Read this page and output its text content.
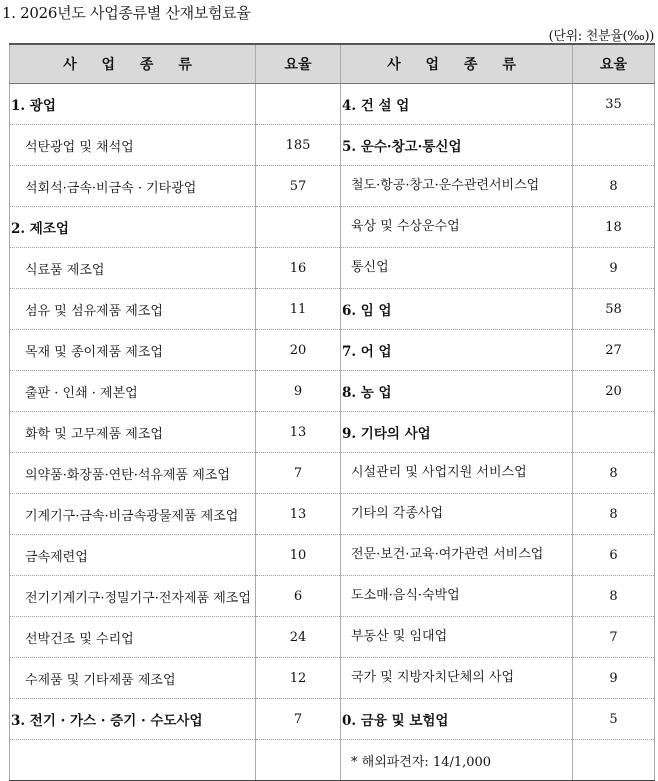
1. 2026년도 사업종류별 산재보험료율
(단위: 천분율(‰))
사 업 종 류	요율	사 업 종 류	요율
1. 광업		4. 건 설 업	35
석탄광업 및 채석업	185	5. 운수·창고·통신업	
석회석·금속·비금속 · 기타광업	57	철도·항공·창고·운수관련서비스업	8
2. 제조업		육상 및 수상운수업	18
식료품 제조업	16	통신업	9
섬유 및 섬유제품 제조업	11	6. 임 업	58
목재 및 종이제품 제조업	20	7. 어 업	27
출판 · 인쇄 · 제본업	9	8. 농 업	20
화학 및 고무제품 제조업	13	9. 기타의 사업	
의약품·화장품·연탄·석유제품 제조업	7	시설관리 및 사업지원 서비스업	8
기계기구·금속·비금속광물제품 제조업	13	기타의 각종사업	8
금속제련업	10	전문·보건·교육·여가관련 서비스업	6
전기기계기구·정밀기구·전자제품 제조업	6	도소매·음식·숙박업	8
선박건조 및 수리업	24	부동산 및 임대업	7
수제품 및 기타제품 제조업	12	국가 및 지방자치단체의 사업	9
3. 전기 · 가스 · 증기 · 수도사업	7	0. 금융 및 보험업	5
		* 해외파견자: 14/1,000	
